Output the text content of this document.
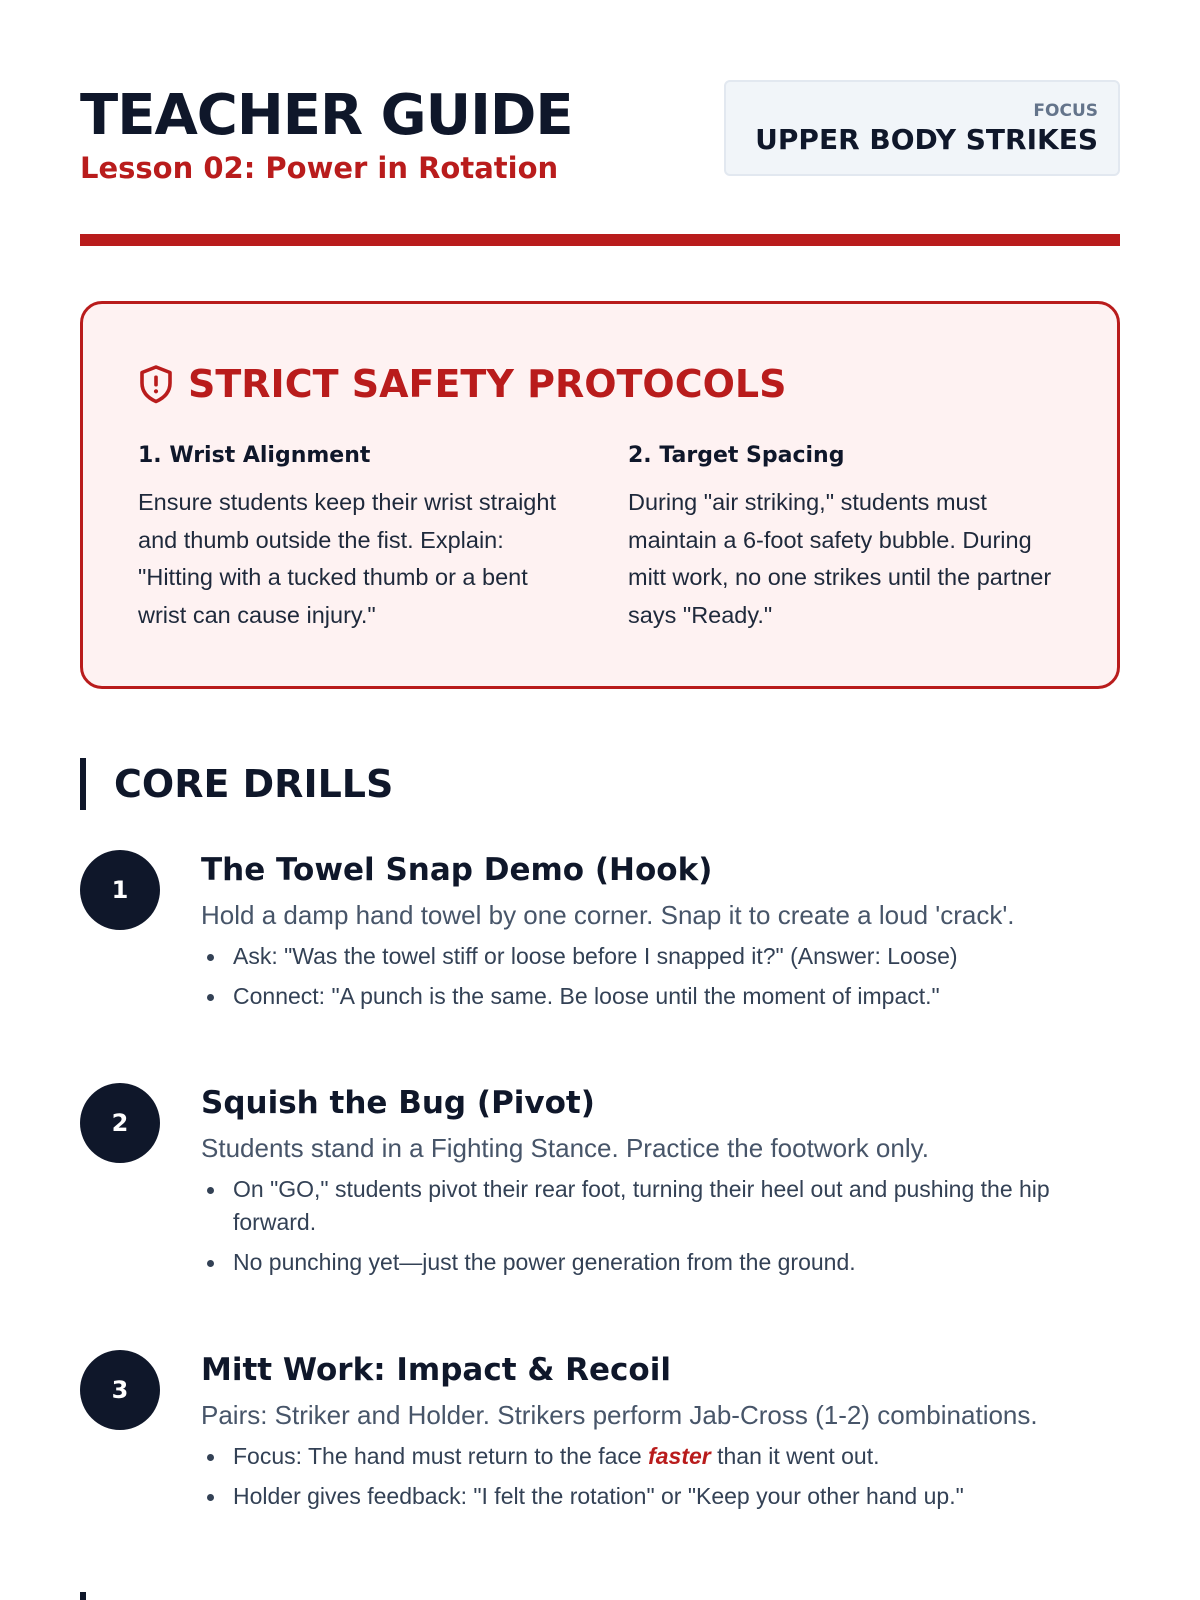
TEACHER GUIDE
Lesson 02: Power in Rotation
FOCUS
UPPER BODY STRIKES
STRICT SAFETY PROTOCOLS
1. Wrist Alignment

Ensure students keep their wrist straight and thumb outside the fist. Explain: "Hitting with a tucked thumb or a bent wrist can cause injury."

2. Target Spacing

During "air striking," students must maintain a 6-foot safety bubble. During mitt work, no one strikes until the partner says "Ready."

CORE DRILLS
1
The Towel Snap Demo (Hook)

Hold a damp hand towel by one corner. Snap it to create a loud 'crack'.

Ask: "Was the towel stiff or loose before I snapped it?" (Answer: Loose)
Connect: "A punch is the same. Be loose until the moment of impact."
2
Squish the Bug (Pivot)

Students stand in a Fighting Stance. Practice the footwork only.

On "GO," students pivot their rear foot, turning their heel out and pushing the hip forward.
No punching yet—just the power generation from the ground.
3
Mitt Work: Impact & Recoil

Pairs: Striker and Holder. Strikers perform Jab-Cross (1-2) combinations.

Focus: The hand must return to the face faster than it went out.
Holder gives feedback: "I felt the rotation" or "Keep your other hand up."
